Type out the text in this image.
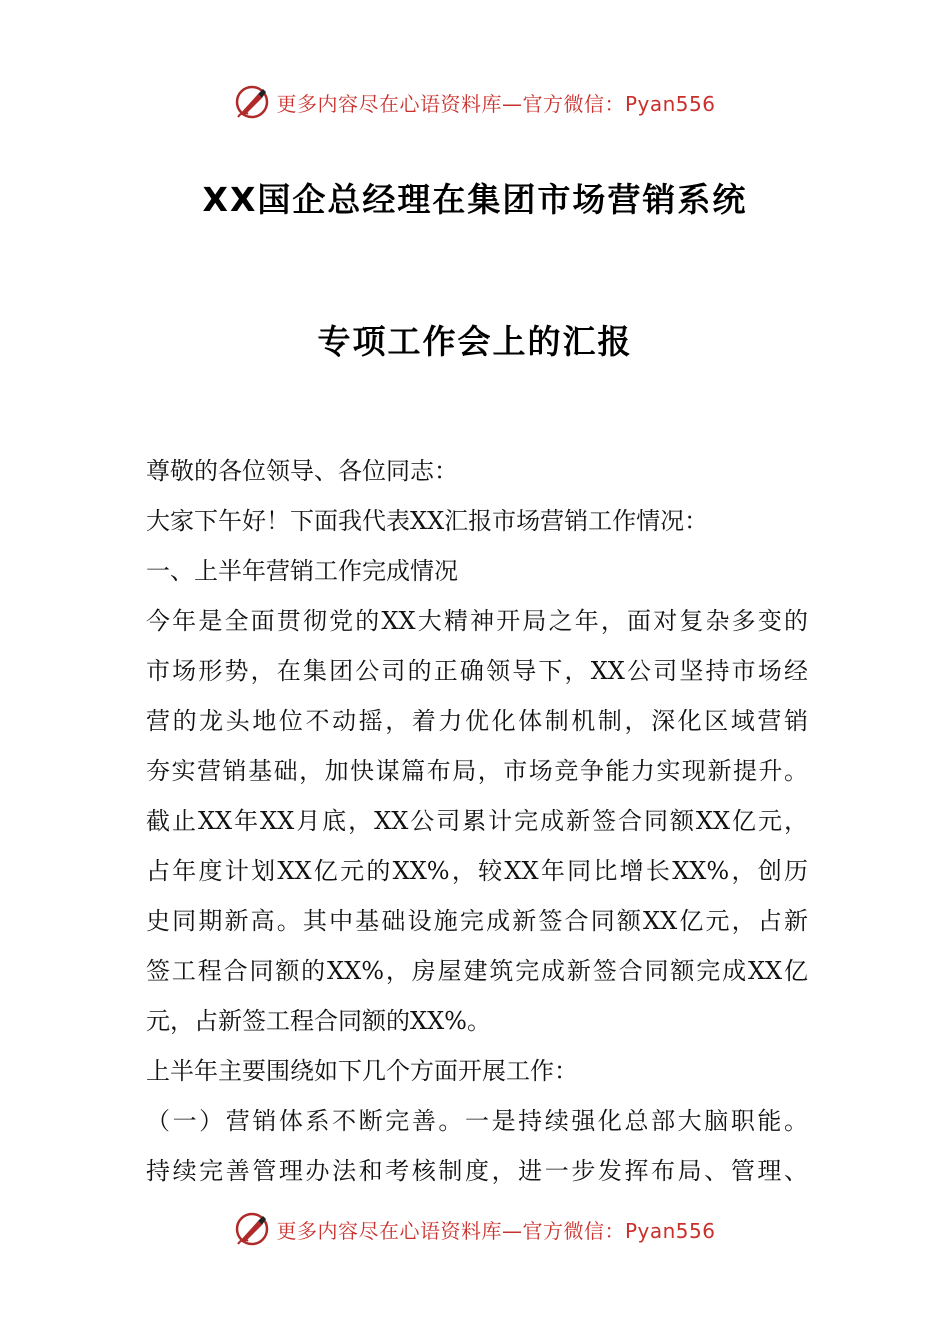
更多内容尽在心语资料库—官方微信：Pyan556
XX国企总经理在集团市场营销系统
专项工作会上的汇报
尊敬的各位领导、各位同志：
大家下午好！下面我代表XX汇报市场营销工作情况：
一、上半年营销工作完成情况
今年是全面贯彻党的XX大精神开局之年，面对复杂多变的
市场形势，在集团公司的正确领导下，XX公司坚持市场经
营的龙头地位不动摇，着力优化体制机制，深化区域营销
夯实营销基础，加快谋篇布局，市场竞争能力实现新提升。
截止XX年XX月底，XX公司累计完成新签合同额XX亿元，
占年度计划XX亿元的XX%，较XX年同比增长XX%，创历
史同期新高。其中基础设施完成新签合同额XX亿元，占新
签工程合同额的XX%，房屋建筑完成新签合同额完成XX亿
元，占新签工程合同额的XX%。
上半年主要围绕如下几个方面开展工作：
（一）营销体系不断完善。一是持续强化总部大脑职能。
持续完善管理办法和考核制度，进一步发挥布局、管理、
更多内容尽在心语资料库—官方微信：Pyan556
